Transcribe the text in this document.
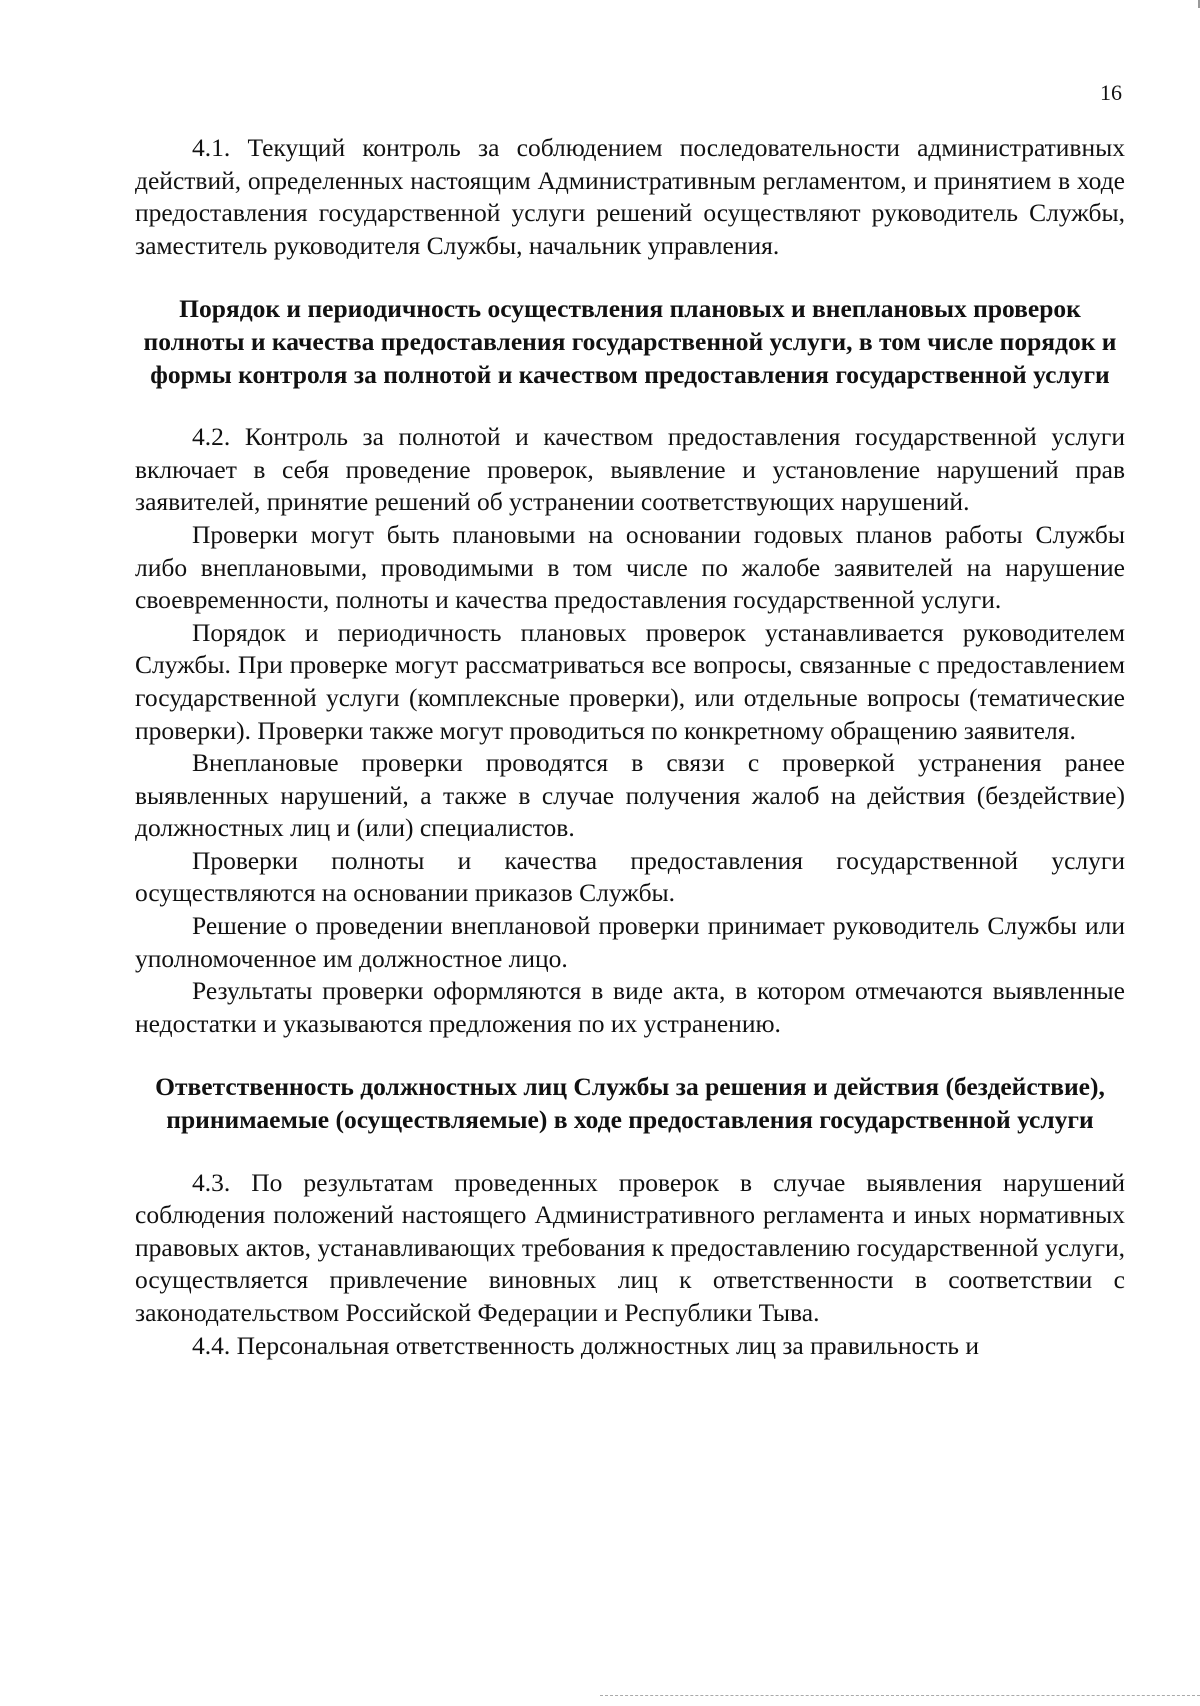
16

4.1. Текущий контроль за соблюдением последовательности административных действий, определенных настоящим Административным регламентом, и принятием в ходе предоставления государственной услуги решений осуществляют руководитель Службы, заместитель руководителя Службы, начальник управления.

Порядок и периодичность осуществления плановых и внеплановых проверок полноты и качества предоставления государственной услуги, в том числе порядок и формы контроля за полнотой и качеством предоставления государственной услуги

4.2. Контроль за полнотой и качеством предоставления государственной услуги включает в себя проведение проверок, выявление и установление нарушений прав заявителей, принятие решений об устранении соответствующих нарушений.

Проверки могут быть плановыми на основании годовых планов работы Службы либо внеплановыми, проводимыми в том числе по жалобе заявителей на нарушение своевременности, полноты и качества предоставления государственной услуги.

Порядок и периодичность плановых проверок устанавливается руководителем Службы. При проверке могут рассматриваться все вопросы, связанные с предоставлением государственной услуги (комплексные проверки), или отдельные вопросы (тематические проверки). Проверки также могут проводиться по конкретному обращению заявителя.

Внеплановые проверки проводятся в связи с проверкой устранения ранее выявленных нарушений, а также в случае получения жалоб на действия (бездействие) должностных лиц и (или) специалистов.

Проверки полноты и качества предоставления государственной услуги осуществляются на основании приказов Службы.

Решение о проведении внеплановой проверки принимает руководитель Службы или уполномоченное им должностное лицо.

Результаты проверки оформляются в виде акта, в котором отмечаются выявленные недостатки и указываются предложения по их устранению.

Ответственность должностных лиц Службы за решения и действия (бездействие), принимаемые (осуществляемые) в ходе предоставления государственной услуги

4.3. По результатам проведенных проверок в случае выявления нарушений соблюдения положений настоящего Административного регламента и иных нормативных правовых актов, устанавливающих требования к предоставлению государственной услуги, осуществляется привлечение виновных лиц к ответственности в соответствии с законодательством Российской Федерации и Республики Тыва.

4.4. Персональная ответственность должностных лиц за правильность и
